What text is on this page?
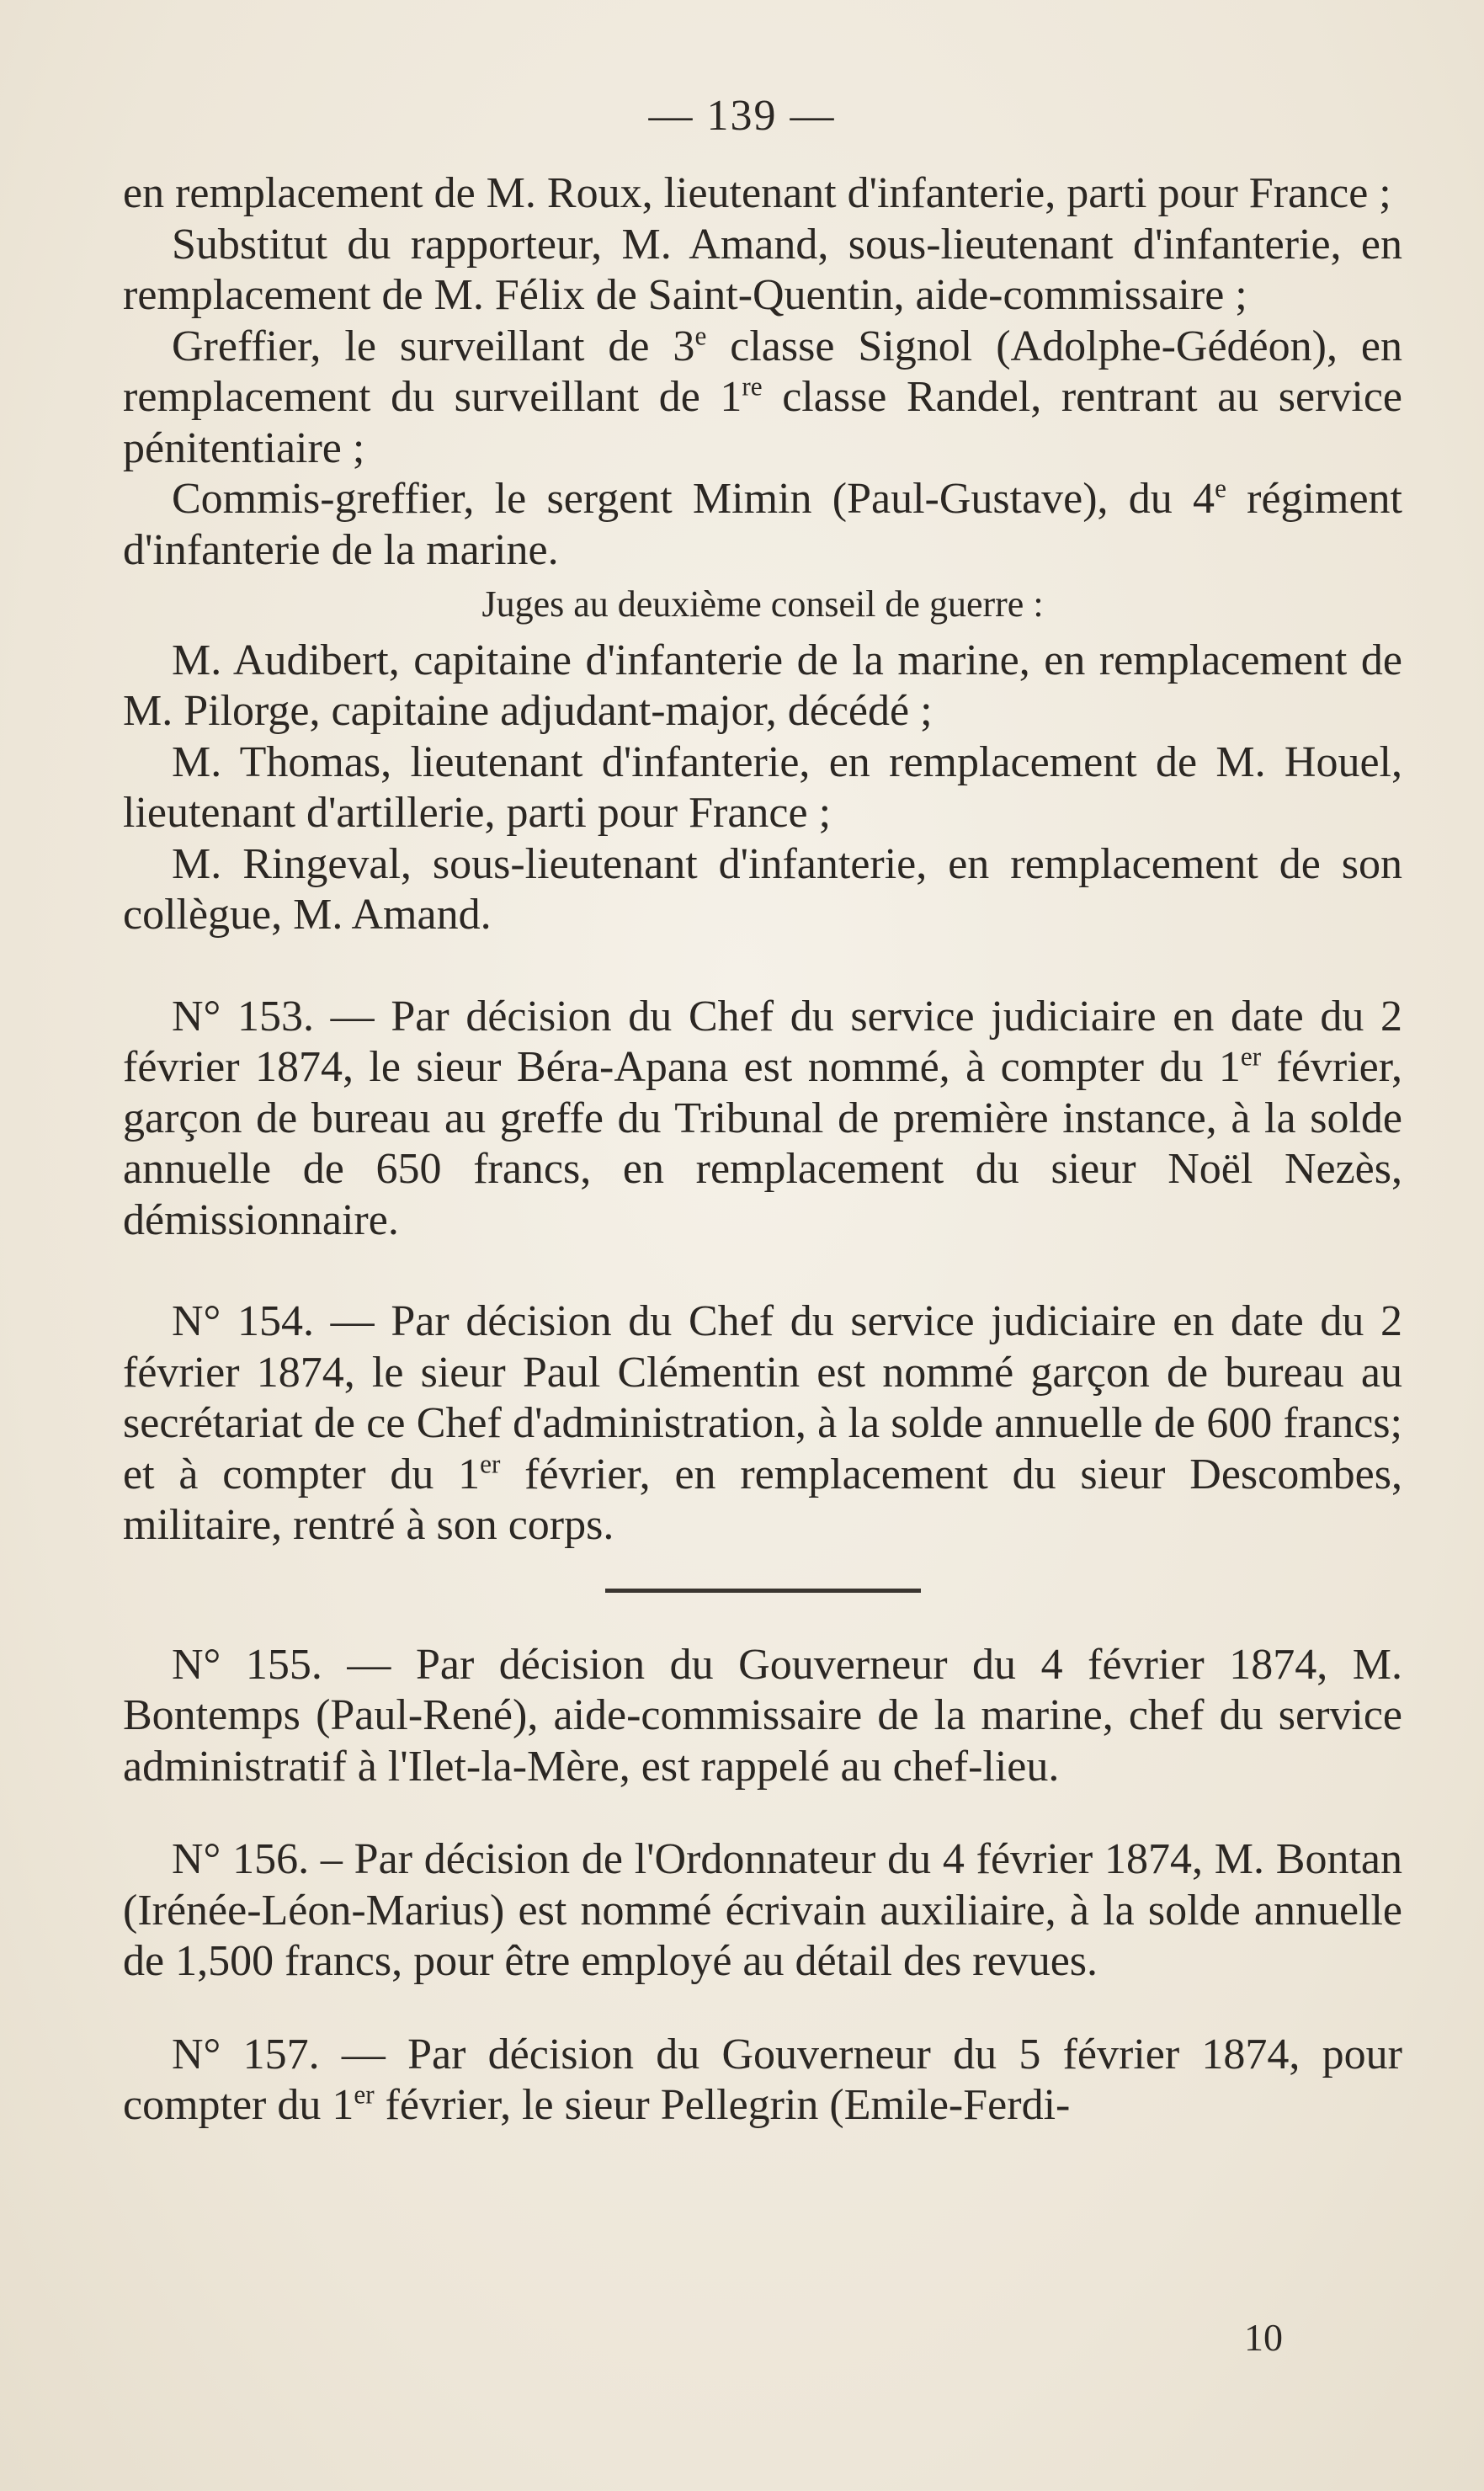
— 139 —

en remplacement de M. Roux, lieutenant d'infanterie, parti pour France ;

Substitut du rapporteur, M. Amand, sous-lieutenant d'infanterie, en remplacement de M. Félix de Saint-Quentin, aide-commissaire ;

Greffier, le surveillant de 3e classe Signol (Adolphe-Gédéon), en remplacement du surveillant de 1re classe Randel, rentrant au service pénitentiaire ;

Commis-greffier, le sergent Mimin (Paul-Gustave), du 4e régiment d'infanterie de la marine.

Juges au deuxième conseil de guerre :

M. Audibert, capitaine d'infanterie de la marine, en remplacement de M. Pilorge, capitaine adjudant-major, décédé ;

M. Thomas, lieutenant d'infanterie, en remplacement de M. Houel, lieutenant d'artillerie, parti pour France ;

M. Ringeval, sous-lieutenant d'infanterie, en remplacement de son collègue, M. Amand.

N° 153. — Par décision du Chef du service judiciaire en date du 2 février 1874, le sieur Béra-Apana est nommé, à compter du 1er février, garçon de bureau au greffe du Tribunal de première instance, à la solde annuelle de 650 francs, en remplacement du sieur Noël Nezès, démissionnaire.

N° 154. — Par décision du Chef du service judiciaire en date du 2 février 1874, le sieur Paul Clémentin est nommé garçon de bureau au secrétariat de ce Chef d'administration, à la solde annuelle de 600 francs; et à compter du 1er février, en remplacement du sieur Descombes, militaire, rentré à son corps.

N° 155. — Par décision du Gouverneur du 4 février 1874, M. Bontemps (Paul-René), aide-commissaire de la marine, chef du service administratif à l'Ilet-la-Mère, est rappelé au chef-lieu.

N° 156. – Par décision de l'Ordonnateur du 4 février 1874, M. Bontan (Irénée-Léon-Marius) est nommé écrivain auxiliaire, à la solde annuelle de 1,500 francs, pour être employé au détail des revues.

N° 157. — Par décision du Gouverneur du 5 février 1874, pour compter du 1er février, le sieur Pellegrin (Emile-Ferdi-

10
